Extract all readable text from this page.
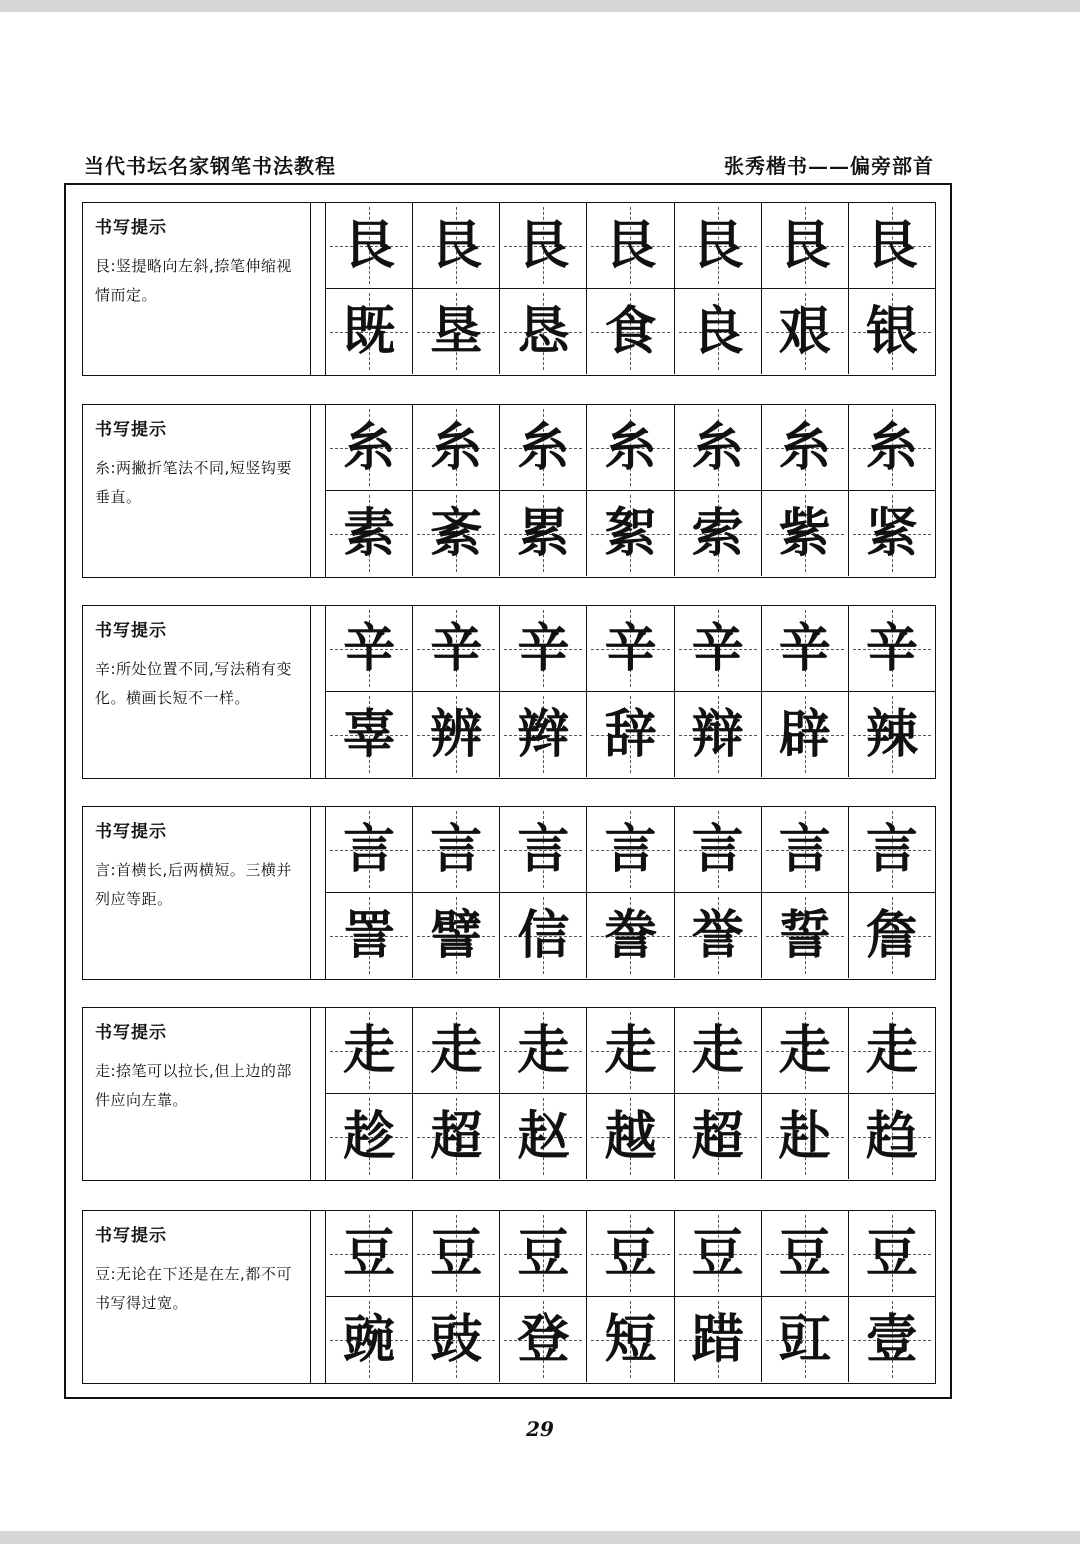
当代书坛名家钢笔书法教程	张秀楷书——偏旁部首
书写提示
艮:竖提略向左斜,捺笔伸缩视情而定。
艮 艮 艮 艮 艮 艮 艮
既 垦 恳 食 良 艰 银
书写提示
糸:两撇折笔法不同,短竖钩要垂直。
糸 糸 糸 糸 糸 糸 糸
素 紊 累 絮 索 紫 紧
书写提示
辛:所处位置不同,写法稍有变化。横画长短不一样。
辛 辛 辛 辛 辛 辛 辛
辜 辨 辫 辞 辩 辟 辣
书写提示
言:首横长,后两横短。三横并列应等距。
言 言 言 言 言 言 言
詈 譬 信 誊 誉 誓 詹
书写提示
走:捺笔可以拉长,但上边的部件应向左靠。
走 走 走 走 走 走 走
趁 超 赵 越 超 赴 趋
书写提示
豆:无论在下还是在左,都不可书写得过宽。
豆 豆 豆 豆 豆 豆 豆
豌 豉 登 短 踖 豇 壹
29
